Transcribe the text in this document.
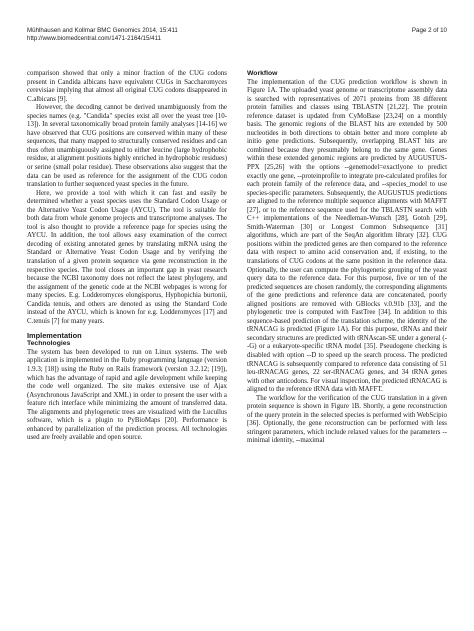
Mühlhausen and Kollmar BMC Genomics 2014, 15:411
http://www.biomedcentral.com/1471-2164/15/411
Page 2 of 10

comparison showed that only a minor fraction of the CUG codons present in Candida albicans have equivalent CUGs in Saccharomyces cerevisiae implying that almost all original CUG codons disappeared in C.albicans [9].

However, the decoding cannot be derived unambiguously from the species names (e.g. "Candida" species exist all over the yeast tree [10-13]). In several taxonomically broad protein family analyses [14-16] we have observed that CUG positions are conserved within many of these sequences, that many mapped to structurally conserved residues and can thus often unambiguously assigned to either leucine (large hydrophobic residue, at alignment positions highly enriched in hydrophobic residues) or serine (small polar residue). These observations also suggest that the data can be used as reference for the assignment of the CUG codon translation to further sequenced yeast species in the future.

Here, we provide a tool with which it can fast and easily be determined whether a yeast species uses the Standard Codon Usage or the Alternative Yeast Codon Usage (AYCU). The tool is suitable for both data from whole genome projects and transcriptome analyses. The tool is also thought to provide a reference page for species using the AYCU. In addition, the tool allows easy examination of the correct decoding of existing annotated genes by translating mRNA using the Standard or Alternative Yeast Codon Usage and by verifying the translation of a given protein sequence via gene reconstruction in the respective species. The tool closes an important gap in yeast research because the NCBI taxonomy does not reflect the latest phylogeny, and the assignment of the genetic code at the NCBI webpages is wrong for many species. E.g. Lodderomyces elongisporus, Hyphopichia burtonii, Candida tenuis, and others are denoted as using the Standard Code instead of the AYCU, which is known for e.g. Lodderomyces [17] and C.tenuis [7] for many years.

Implementation
Technologies

The system has been developed to run on Linux systems. The web application is implemented in the Ruby programming language (version 1.9.3; [18]) using the Ruby on Rails framework (version 3.2.12; [19]), which has the advantage of rapid and agile development while keeping the code well organized. The site makes extensive use of Ajax (Asynchronous JavaScript and XML) in order to present the user with a feature rich interface while minimizing the amount of transferred data. The alignments and phylogenetic trees are visualized with the Lucullus software, which is a plugin to PyBioMaps [20]. Performance is enhanced by parallelization of the prediction process. All technologies used are freely available and open source.

Workflow

The implementation of the CUG prediction workflow is shown in Figure 1A. The uploaded yeast genome or transcriptome assembly data is searched with representatives of 2071 proteins from 38 different protein families and classes using TBLASTN [21,22]. The protein reference dataset is updated from CyMoBase [23,24] on a monthly basis. The genomic regions of the BLAST hits are extended by 500 nucleotides in both directions to obtain better and more complete ab initio gene predictions. Subsequently, overlapping BLAST hits are combined because they presumably belong to the same gene. Genes within these extended genomic regions are predicted by AUGUSTUS-PPX [25,26] with the options --genemodel=exactlyone to predict exactly one gene, --proteinprofile to integrate pre-calculated profiles for each protein family of the reference data, and --species_model to use species-specific parameters. Subsequently, the AUGUSTUS predictions are aligned to the reference multiple sequence alignments with MAFFT [27], or to the reference sequence used for the TBLASTN search with C++ implementations of the Needleman-Wunsch [28], Gotoh [29], Smith-Waterman [30] or Longest Common Subsequence [31] algorithms, which are part of the SeqAn algorithm library [32]. CUG positions within the predicted genes are then compared to the reference data with respect to amino acid conservation and, if existing, to the translations of CUG codons at the same position in the reference data. Optionally, the user can compute the phylogenetic grouping of the yeast query data to the reference data. For this purpose, five or ten of the predicted sequences are chosen randomly, the corresponding alignments of the gene predictions and reference data are concatenated, poorly aligned positions are removed with GBlocks v.0.91b [33], and the phylogenetic tree is computed with FastTree [34]. In addition to this sequence-based prediction of the translation scheme, the identity of the tRNACAG is predicted (Figure 1A). For this purpose, tRNAs and their secondary structures are predicted with tRNAscan-SE under a general (--G) or a eukaryote-specific tRNA model [35]. Pseudogene checking is disabled with option --D to speed up the search process. The predicted tRNACAG is subsequently compared to reference data consisting of 51 leu-tRNACAG genes, 22 ser-tRNACAG genes, and 34 tRNA genes with other anticodons. For visual inspection, the predicted tRNACAG is aligned to the reference tRNA data with MAFFT.

The workflow for the verification of the CUG translation in a given protein sequence is shown in Figure 1B. Shortly, a gene reconstruction of the query protein in the selected species is performed with WebScipio [36]. Optionally, the gene reconstruction can be performed with less stringent parameters, which include relaxed values for the parameters --minimal identity, --maximal
